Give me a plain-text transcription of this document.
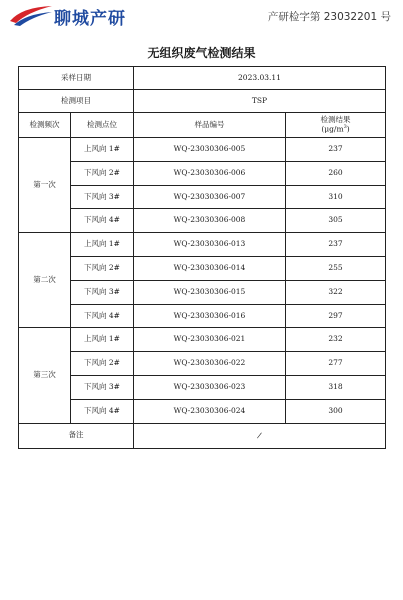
聊城产研	产研检字第 23032201 号
无组织废气检测结果
采样日期		2023.03.11	
检测项目		TSP	
检测频次	检测点位	样品编号	检测结果
$(\mu g/m^3)$

第一次	上风向 1#	WQ-23030306-005	237
	下风向 2#	WQ-23030306-006	260
	下风向 3#	WQ-23030306-007	310
	下风向 4#	WQ-23030306-008	305
第二次	上风向 1#	WQ-23030306-013	237
	下风向 2#	WQ-23030306-014	255
	下风向 3#	WQ-23030306-015	322
	下风向 4#	WQ-23030306-016	297
第三次	上风向 1#	WQ-23030306-021	232
	下风向 2#	WQ-23030306-022	277
	下风向 3#	WQ-23030306-023	318
	下风向 4#	WQ-23030306-024	300
备注		/	
